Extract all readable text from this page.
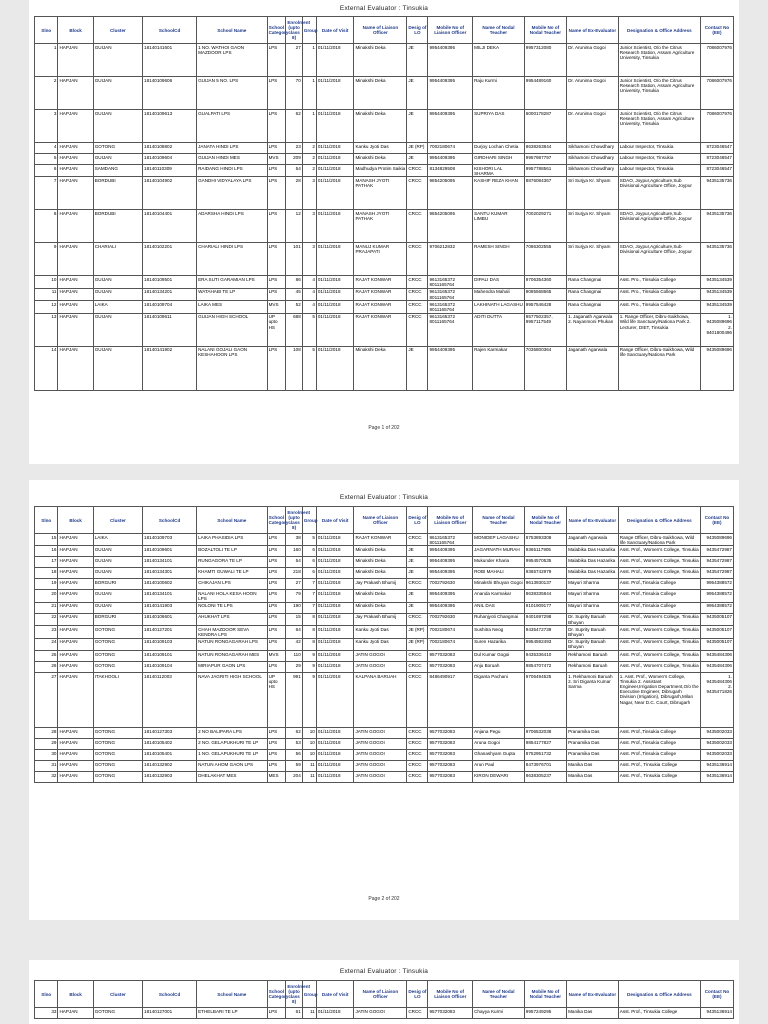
External Evaluator : Tinsukia
Slno	Block	Cluster	SchoolCd	School Name	School Category	Enrolment (upto class 8)	Group	Date of Visit	Name of Liaison Officer	Desig of LO	Mobile No of Liaison Officer	Name of Nodal Teacher	Mobile No of Nodal Teacher	Name of Ex-Evaluator	Designation & Office Address	Contact No (EE)
1	HAPJAN	GUIJAN	18140141601	1 NO. WATHOI GAON MAZDOOR LPS	LPS	27	1	01/11/2018	Minakshi Deka	JE	9954409395	MILJI DEKA	9957312080	Dr. Arunima Gogoi	Junior Scientist, O/o the Citrus Research Station, Assam Agriculture University, Tinsukia	7086007976
2	HAPJAN	GUIJAN	18140109606	GUIJAN 5 NO. LPS	LPS	70	1	01/11/2018	Minakshi Deka	JE	9954409395	Raju Kurmi	9954489160	Dr. Arunima Gogoi	Junior Scientist, O/o the Citrus Research Station, Assam Agriculture University, Tinsukia	7086007976
3	HAPJAN	GUIJAN	18140109613	GUALPATI LPS	LPS	62	1	01/11/2018	Minakshi Deka	JE	9954409395	SUPRIYA DAS	6000178287	Dr. Arunima Gogoi	Junior Scientist, O/o the Citrus Research Station, Assam Agriculture University, Tinsukia	7086007976
4	HAPJAN	GOTONG	18140108802	JANATA HINDI LPS	LPS	23	2	01/11/2018	Kanku Jyoti Das	JE (RP)	7002180674	Durjoy Lochan Chetia	8638263844	Sikhamoni Chowdhary	Labour Inspector, Tinsukia	8723046547
5	HAPJAN	GUIJAN	18140109604	GUIJAN HINDI MES	MVS	209	2	01/11/2018	Minakshi Deka	JE	9954409395	GIRDHARI SINGH	9957987797	Sikhamoni Chowdhary	Labour Inspector, Tinsukia	8723046547
6	HAPJAN	SAMDANG	18140110309	RAIDANG HINDI LPS	LPS	54	2	01/11/2018	Madhudya Protim Saikia	CRCC	8134829508	KISHORI LAL SHARMA	9957788561	Sikhamoni Chowdhary	Labour Inspector, Tinsukia	8723046547
7	HAPJAN	BORDUBI	18140104902	GANDHI VIDYALAYA LPS	LPS	28	3	01/11/2018	MANASH JYOTI PATHAK	CRCC	9854205095	KASHIF REZA KHAN	8876084367	Sri Surjya Kr. Shyam	SDAO, Joypur,Agriculture,Sub Divisional Agriculture Office, Joypur	9435135736
8	HAPJAN	BORDUBI	18140104401	ADARSHA HINDI LPS	LPS	12	3	01/11/2018	MANASH JYOTI PATHAK	CRCC	9854205095	SANTU KUMAR LIMBU	7002029271	Sri Surjya Kr. Shyam	SDAO, Joypur,Agriculture,Sub Divisional Agriculture Office, Joypur	9435135736
9	HAPJAN	CHARIALI	18140102201	CHARIALI HINDI LPS	LPS	101	3	01/11/2018	MANUJ KUMAR PRAJAPATI	CRCC	9706212832	RAMESH SINGH	7086302555	Sri Surjya Kr. Shyam	SDAO, Joypur,Agriculture,Sub Divisional Agriculture Office, Joypur	9435135736
10	HAPJAN	GUIJAN	18140109501	ERA SUTI GARAMIAN LPS	LPS	86	4	01/11/2018	RAJAT KONWAR	CRCC	9613165372 8011165764	DIPALI DAS	9706354360	Rana Changmai	Asst. Pro., Tinsukia College	9435134539
11	HAPJAN	GUIJAN	18140134201	WATAHABI TE LP	LPS	45	4	01/11/2018	RAJAT KONWAR	CRCC	9613165372 8011165764	Mahendra Mahali	9085568665	Rana Changmai	Asst. Pro., Tinsukia College	9435134539
12	HAPJAN	LAIKA	18140109704	LAIKA MES	MVS	52	4	01/11/2018	RAJAT KONWAR	CRCC	9613165372 8011165764	LAKHINATH LAGASHU	9957546428	Rana Changmai	Asst. Pro., Tinsukia College	9435134539
13	HAPJAN	GUIJAN	18140109611	GUIJAN HIGH SCHOOL	UP upto HS	688	5	01/11/2018	RAJAT KONWAR	CRCC	9613165372 8011165764	ADITI DUTTA	9577502357, 9957117549	1. Jaganath Agarwala 2. Nayanmoni Phukan	1. Range Officer, Dibru-Saikhowa, Wild life Sanctuary/Nationa Park 2. Lecturer, DIET, Tinsukia	1. 9435089696 2. 9401800496
14	HAPJAN	GUIJAN	18140141902	NALANI GOJALI GAON KESHAHOON LPS	LPS	108	5	01/11/2018	Minakshi Deka	JE	9954409395	Rajen Karmakar	7035800364	Jaganath Agarwala	Range Officer, Dibru-Saikhowa, Wild life Sanctuary/Nationa Park	9435089696
Page 1 of 202
External Evaluator : Tinsukia
Slno	Block	Cluster	SchoolCd	School Name	School Category	Enrolment (upto class 8)	Group	Date of Visit	Name of Liaison Officer	Desig of LO	Mobile No of Liaison Officer	Name of Nodal Teacher	Mobile No of Nodal Teacher	Name of Ex-Evaluator	Designation & Office Address	Contact No (EE)
15	HAPJAN	LAIKA	18140109703	LAIKA PHASIDIA LPS	LPS	38	5	01/11/2018	RAJAT KONWAR	CRCC	9613165372 8011165764	MONIDEP LAGASHU	8753893308	Jaganath Agarwala	Range Officer, Dibru-Saikhowa, Wild life Sanctuary/Nationa Park	9435089696
16	HAPJAN	GUIJAN	18140109601	BOZALTOLI TE LP	LPS	160	6	01/11/2018	Minakshi Deka	JE	9954409395	JAGARNATH MURAH	9365117905	Malabika Das Hazarika	Asst. Prof., Women's College, Tinsukia	9435472987
17	HAPJAN	GUIJAN	18140134101	RUNGAGORA TE LP	LPS	54	6	01/11/2018	Minakshi Deka	JE	9954409395	Mukunder Kharia	9954570535	Malabika Das Hazarika	Asst. Prof., Women's College, Tinsukia	9435472987
18	HAPJAN	GUIJAN	18140134301	KHAMTI GUWALI TE LP	LPS	218	6	01/11/2018	Minakshi Deka	JE	9954409395	ROBI MAHALI	9365742979	Malabika Das Hazarika	Asst. Prof., Women's College, Tinsukia	9435472987
19	HAPJAN	BORGURI	18140100602	CHIKAJAN LPS	LPS	27	7	01/11/2018	Jay Prakash Bhumij	CRCC	7002792630	Minakshi Bhuyan Gogoi	9613930137	Mayuri Sharma	Asst. Prof.,Tinsukia College	9954388572
20	HAPJAN	GUIJAN	18140134101	NALANI HOLA KESA HOON LPS	LPS	79	7	01/11/2018	Minakshi Deka	JE	9954409395	Ananda Karmakar	8638335844	Mayuri Sharma	Asst. Prof.,Tinsukia College	9954388572
21	HAPJAN	GUIJAN	18140141903	NOLONI TE LPS	LPS	190	7	01/11/2018	Minakshi Deka	JE	9954409395	ANIL DAS	9101909177	Mayuri Sharma	Asst. Prof.,Tinsukia College	9954388572
22	HAPJAN	BORGURI	18140106601	AHUKHAT LPS	LPS	15	8	01/11/2018	Jay Prakash Bhumij	CRCC	7002792630	Ruhanjyoti Changmai	9401697298	Dr. Suprity Baruah Bhuyan	Asst. Prof., Women's College, Tinsukia	9435005107
23	HAPJAN	GOTONG	18140127201	CHAH MAZDOOR SEVA KENDRA LPS	LPS	64	8	01/11/2018	Kanku Jyoti Das	JE (RP)	7002180674	Sushitra Neog	9435472739	Dr. Suprity Baruah Bhuyan	Asst. Prof., Women's College, Tinsukia	9435005107
24	HAPJAN	GOTONG	18140109103	NATUN RONGAGARAH LPS	LPS	42	8	01/11/2018	Kanku Jyoti Das	JE (RP)	7002180674	Suren Hazarika	9954592493	Dr. Suprity Baruah Bhuyan	Asst. Prof., Women's College, Tinsukia	9435005107
25	HAPJAN	GOTONG	18140109101	NATUN RONGAGARAH MES	MVS	110	9	01/11/2018	JATIN GOGOI	CRCC	9577032083	Dul Kumar Gogoi	9435336410	Rekhamoni Baruah	Asst. Prof., Women's College, Tinsukia	9435484306
26	HAPJAN	GOTONG	18140109104	MIRIAPUR GAON LPS	LPS	29	9	01/11/2018	JATIN GOGOI	CRCC	9577032083	Anju Boruah	9854707472	Rekhamoni Baruah	Asst. Prof., Women's College, Tinsukia	9435484306
27	HAPJAN	ITAKHOOLI	18140112003	NAVA JAGRITI HIGH SCHOOL	UP upto HS	991	9	01/11/2018	KALPANA BARUAH	CRCC	8486490917	Diganta Pachani	9706494525	1. Rekhamoni Baruah 2. Sri Diganta Kumar Sarma	1. Asst. Prof., Women's College, Tinsukia 2. Assistant Engineer,Irrigation Department,O/o the Executive Engineer, Dibrugarh Division (Irrigation), Dibrugarh,Milan Nagar, Near D.C. Court, Dibrugarh	1. 9435484306 2. 9435471826
28	HAPJAN	GOTONG	18140127303	2 NO BALIPARA LPS	LPS	62	10	01/11/2018	JATIN GOGOI	CRCC	9577032083	Anjana Pegu	9706532038	Pranamika Das	Asst. Prof.,Tinsukia College	9435002033
29	HAPJAN	GOTONG	18140105402	2 NO. GELAPUKHURI TE LP	LPS	53	10	01/11/2018	JATIN GOGOI	CRCC	9577032083	Aruna Gogoi	9854177827	Pranamika Das	Asst. Prof.,Tinsukia College	9435002033
30	HAPJAN	GOTONG	18140105401	1 NO. GELAPUKHURI TE LP	LPS	56	10	01/11/2018	JATIN GOGOI	CRCC	9577032083	Ghanashyam Gupta	8752951732	Pranamika Das	Asst. Prof.,Tinsukia College	9435002033
31	HAPJAN	GOTONG	18140132902	NATUN AHOM GAON LPS	LPS	59	11	01/11/2018	JATIN GOGOI	CRCC	9577032083	Arun Paul	8473976701	Manika Das	Asst. Prof., Tinsukia College	9435136914
32	HAPJAN	GOTONG	18140132903	DHELAKHAT MES	MES	204	11	01/11/2018	JATIN GOGOI	CRCC	9577032083	KIRON DEWARI	8638305237	Manika Das	Asst. Prof., Tinsukia College	9435136914
Page 2 of 202
External Evaluator : Tinsukia
Slno	Block	Cluster	SchoolCd	School Name	School Category	Enrolment (upto class 8)	Group	Date of Visit	Name of Liaison Officer	Desig of LO	Mobile No of Liaison Officer	Name of Nodal Teacher	Mobile No of Nodal Teacher	Name of Ex-Evaluator	Designation & Office Address	Contact No (EE)
33	HAPJAN	GOTONG	18140127001	ETHELBARI TE LP	LPS	61	11	01/11/2018	JATIN GOGOI	CRCC	9577032083	Chayya Kurmi	9957249295	Manika Das	Asst. Prof., Tinsukia College	9435136914
